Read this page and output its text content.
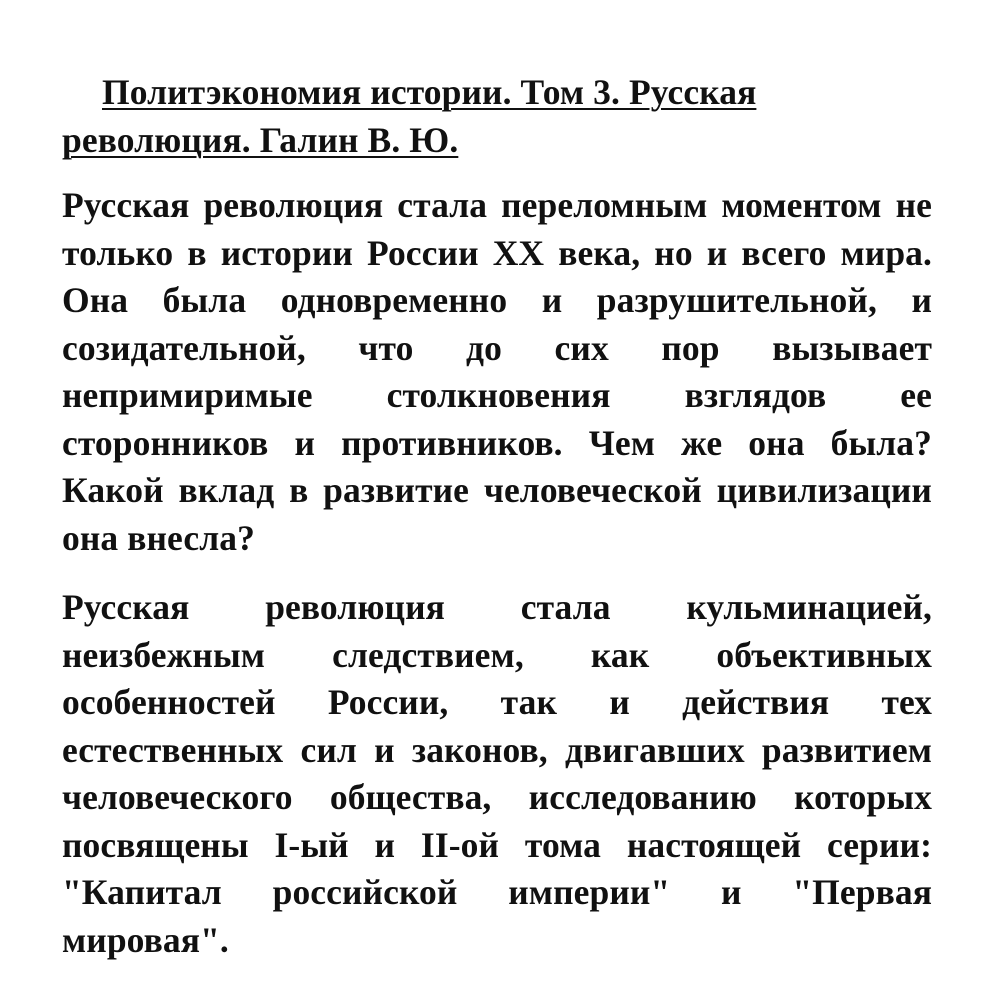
Политэкономия истории. Том 3. Русская революция. Галин В. Ю.

Русская революция стала переломным моментом не только в истории России XX века, но и всего мира. Она была одновременно и разрушительной, и созидательной, что до сих пор вызывает непримиримые столкновения взглядов ее сторонников и противников. Чем же она была? Какой вклад в развитие человеческой цивилизации она внесла?

Русская революция стала кульминацией, неизбежным следствием, как объективных особенностей России, так и действия тех естественных сил и законов, двигавших развитием человеческого общества, исследованию которых посвящены I-ый и II-ой тома настоящей серии: "Капитал российской империи" и "Первая мировая".
